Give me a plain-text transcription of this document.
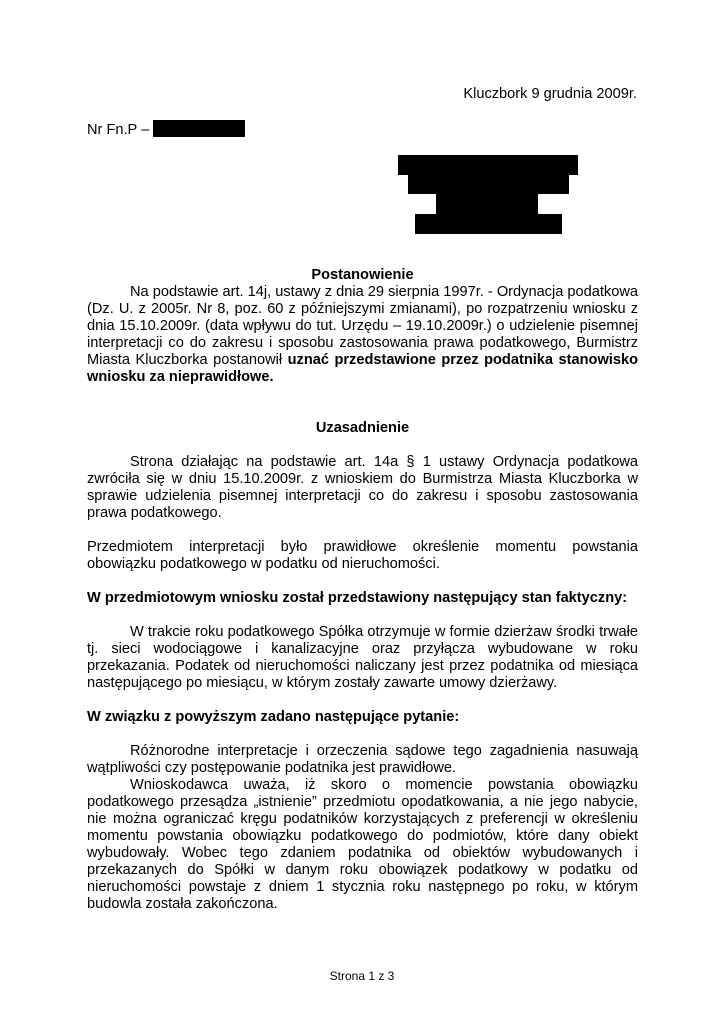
Kluczbork 9 grudnia 2009r.
Nr Fn.P –
Postanowienie

Na podstawie art. 14j, ustawy z dnia 29 sierpnia 1997r. - Ordynacja podatkowa (Dz. U. z 2005r. Nr 8, poz. 60 z późniejszymi zmianami), po rozpatrzeniu wniosku z dnia 15.10.2009r. (data wpływu do tut. Urzędu – 19.10.2009r.) o udzielenie pisemnej interpretacji co do zakresu i sposobu zastosowania prawa podatkowego, Burmistrz Miasta Kluczborka postanowił uznać przedstawione przez podatnika stanowisko wniosku za nieprawidłowe.

Uzasadnienie

Strona działając na podstawie art. 14a § 1 ustawy Ordynacja podatkowa zwróciła się w dniu 15.10.2009r. z wnioskiem do Burmistrza Miasta Kluczborka w sprawie udzielenia pisemnej interpretacji co do zakresu i sposobu zastosowania prawa podatkowego.

Przedmiotem interpretacji było prawidłowe określenie momentu powstania obowiązku podatkowego w podatku od nieruchomości.

W przedmiotowym wniosku został przedstawiony następujący stan faktyczny:

W trakcie roku podatkowego Spółka otrzymuje w formie dzierżaw środki trwałe tj. sieci wodociągowe i kanalizacyjne oraz przyłącza wybudowane w roku przekazania. Podatek od nieruchomości naliczany jest przez podatnika od miesiąca następującego po miesiącu, w którym zostały zawarte umowy dzierżawy.

W związku z powyższym zadano następujące pytanie:

Różnorodne interpretacje i orzeczenia sądowe tego zagadnienia nasuwają wątpliwości czy postępowanie podatnika jest prawidłowe.

Wnioskodawca uważa, iż skoro o momencie powstania obowiązku podatkowego przesądza „istnienie” przedmiotu opodatkowania, a nie jego nabycie, nie można ograniczać kręgu podatników korzystających z preferencji w określeniu momentu powstania obowiązku podatkowego do podmiotów, które dany obiekt wybudowały. Wobec tego zdaniem podatnika od obiektów wybudowanych i przekazanych do Spółki w danym roku obowiązek podatkowy w podatku od nieruchomości powstaje z dniem 1 stycznia roku następnego po roku, w którym budowla została zakończona.

Strona 1 z 3
